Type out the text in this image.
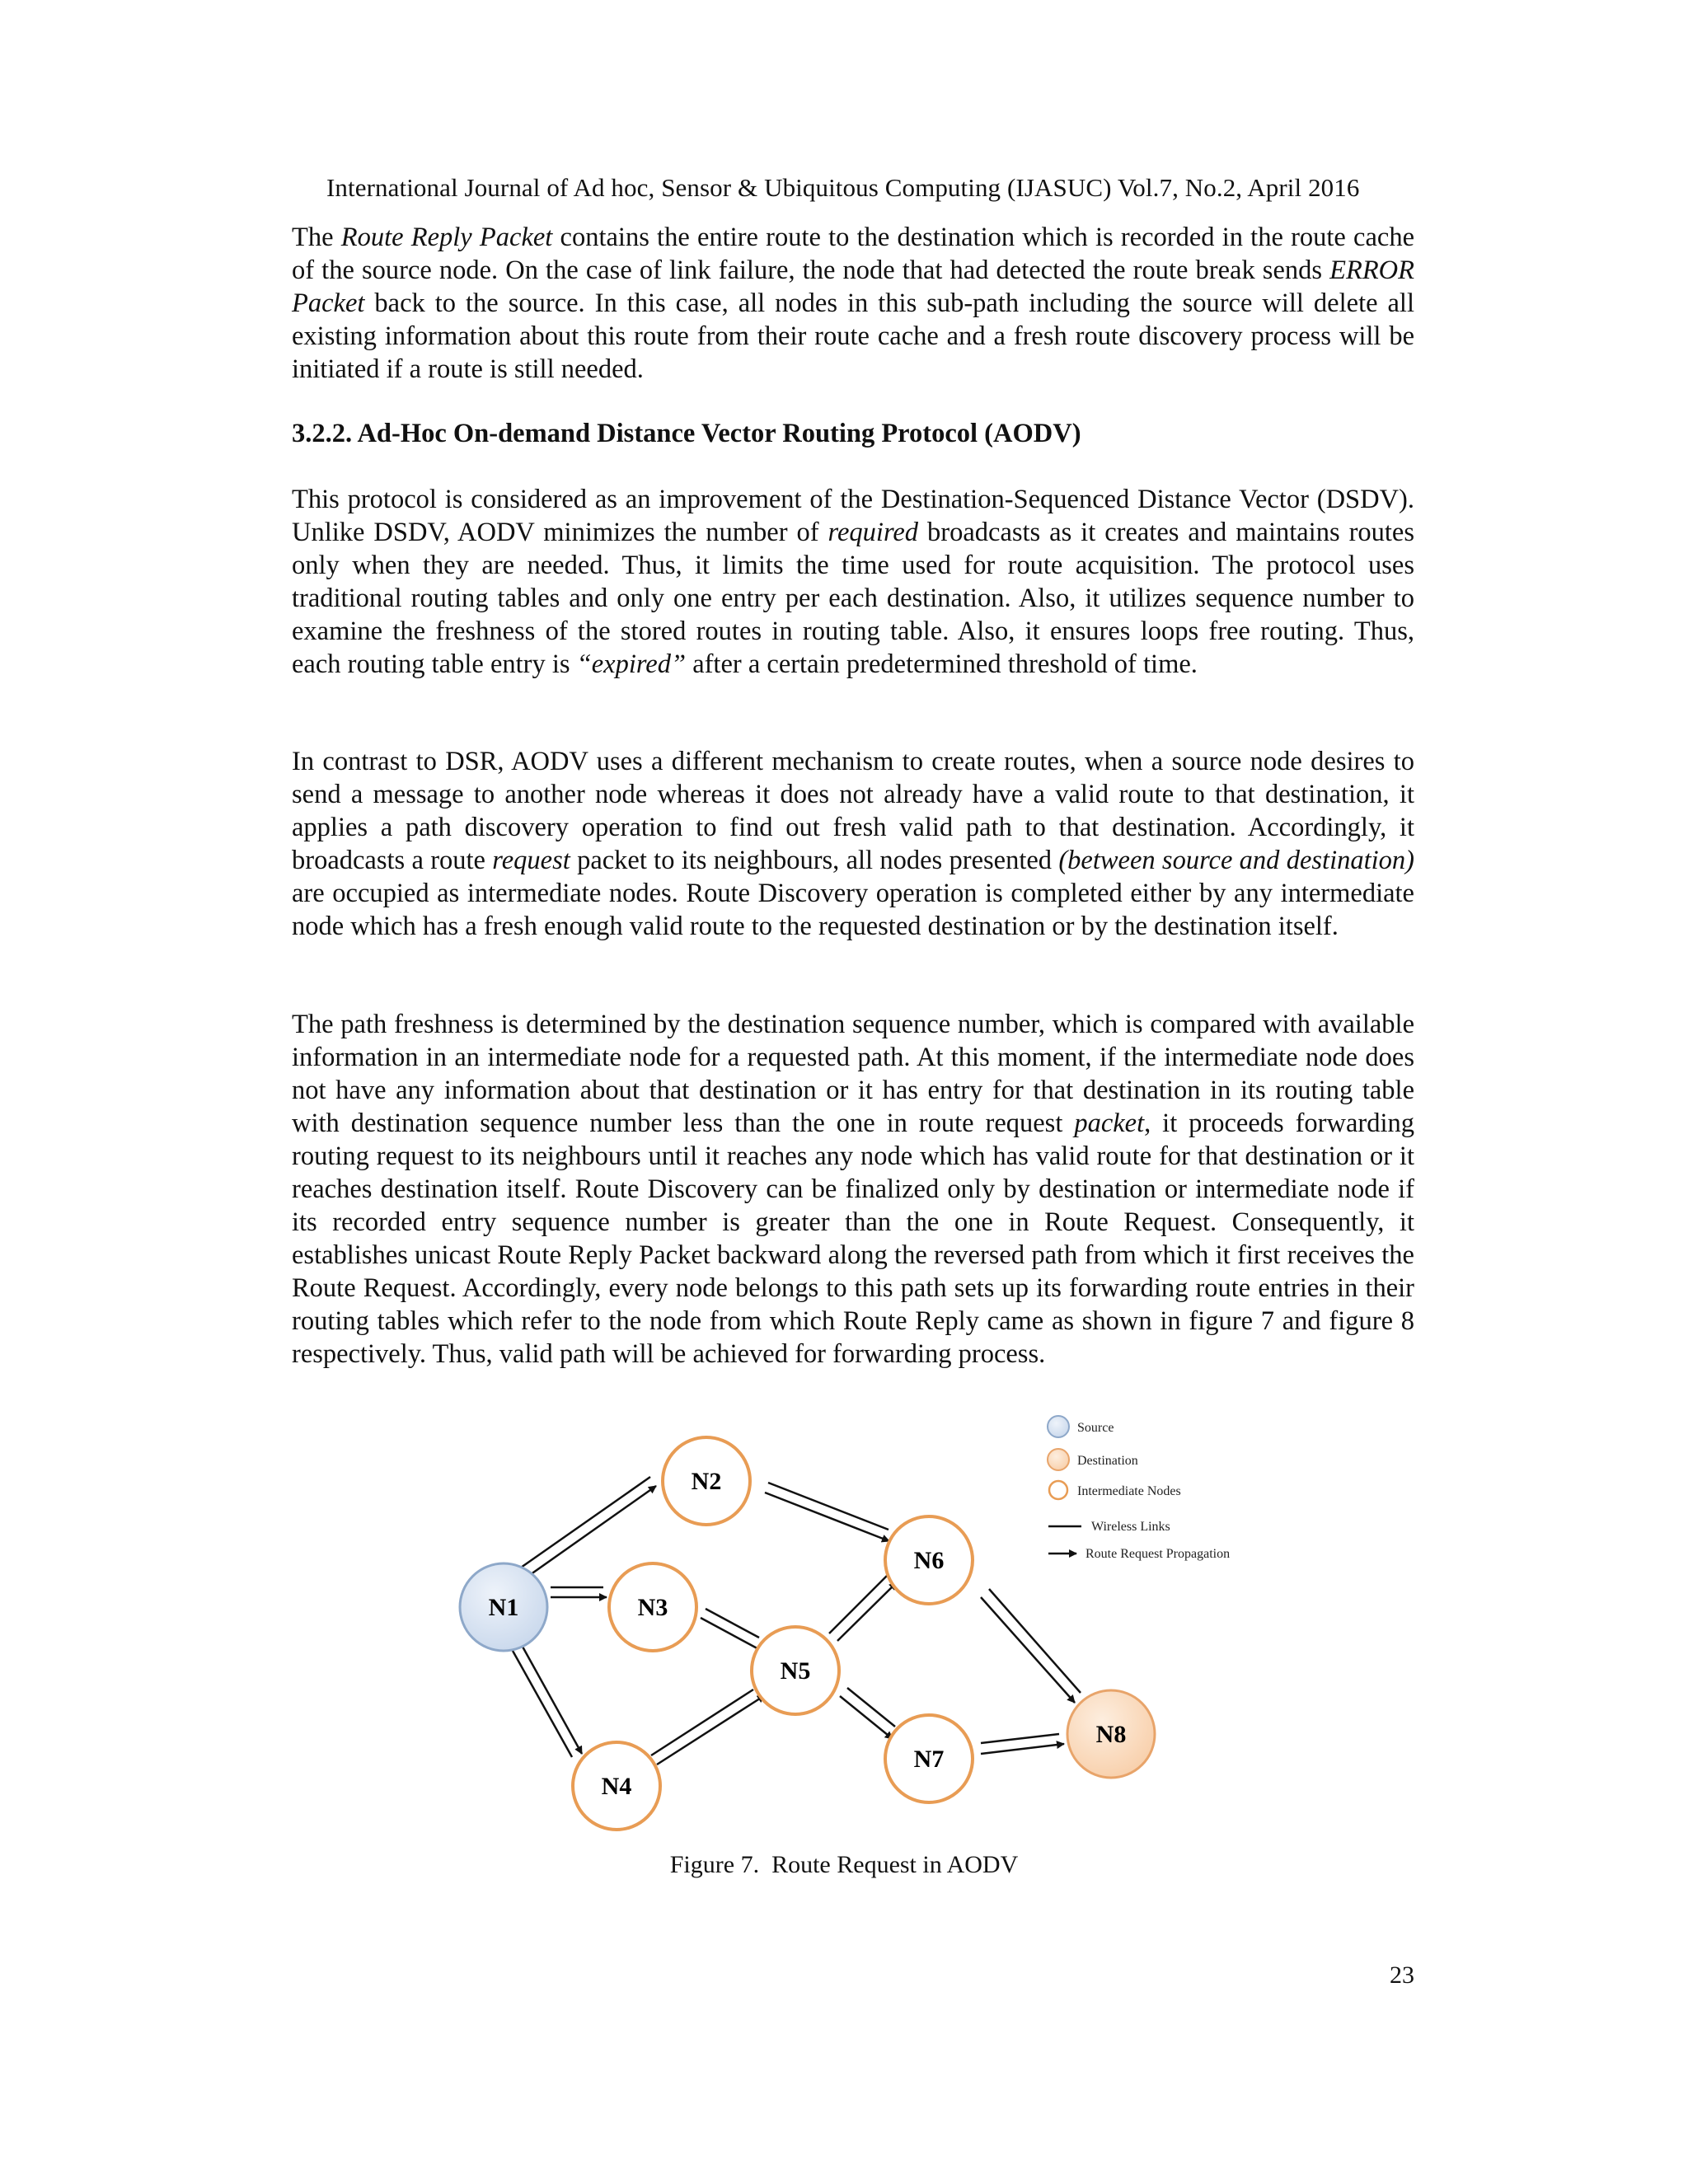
International Journal of Ad hoc, Sensor & Ubiquitous Computing (IJASUC) Vol.7, No.2, April 2016
The Route Reply Packet contains the entire route to the destination which is recorded in the route cache of the source node. On the case of link failure, the node that had detected the route break sends ERROR Packet back to the source. In this case, all nodes in this sub-path including the source will delete all existing information about this route from their route cache and a fresh route discovery process will be initiated if a route is still needed.
3.2.2. Ad-Hoc On-demand Distance Vector Routing Protocol (AODV)
This protocol is considered as an improvement of the Destination-Sequenced Distance Vector (DSDV). Unlike DSDV, AODV minimizes the number of required broadcasts as it creates and maintains routes only when they are needed. Thus, it limits the time used for route acquisition. The protocol uses traditional routing tables and only one entry per each destination. Also, it utilizes sequence number to examine the freshness of the stored routes in routing table. Also, it ensures loops free routing. Thus, each routing table entry is “expired” after a certain predetermined threshold of time.
In contrast to DSR, AODV uses a different mechanism to create routes, when a source node desires to send a message to another node whereas it does not already have a valid route to that destination, it applies a path discovery operation to find out fresh valid path to that destination. Accordingly, it broadcasts a route request packet to its neighbours, all nodes presented (between source and destination) are occupied as intermediate nodes. Route Discovery operation is completed either by any intermediate node which has a fresh enough valid route to the requested destination or by the destination itself.
The path freshness is determined by the destination sequence number, which is compared with available information in an intermediate node for a requested path. At this moment, if the intermediate node does not have any information about that destination or it has entry for that destination in its routing table with destination sequence number less than the one in route request packet, it proceeds forwarding routing request to its neighbours until it reaches any node which has valid route for that destination or it reaches destination itself. Route Discovery can be finalized only by destination or intermediate node if its recorded entry sequence number is greater than the one in Route Request. Consequently, it establishes unicast Route Reply Packet backward along the reversed path from which it first receives the Route Request. Accordingly, every node belongs to this path sets up its forwarding route entries in their routing tables which refer to the node from which Route Reply came as shown in figure 7 and figure 8 respectively. Thus, valid path will be achieved for forwarding process.
N1
N2
N3
N4
N5
N6
N7
N8
Source
Destination
Intermediate Nodes
Wireless Links
Route Request Propagation
Figure 7. Route Request in AODV
23
